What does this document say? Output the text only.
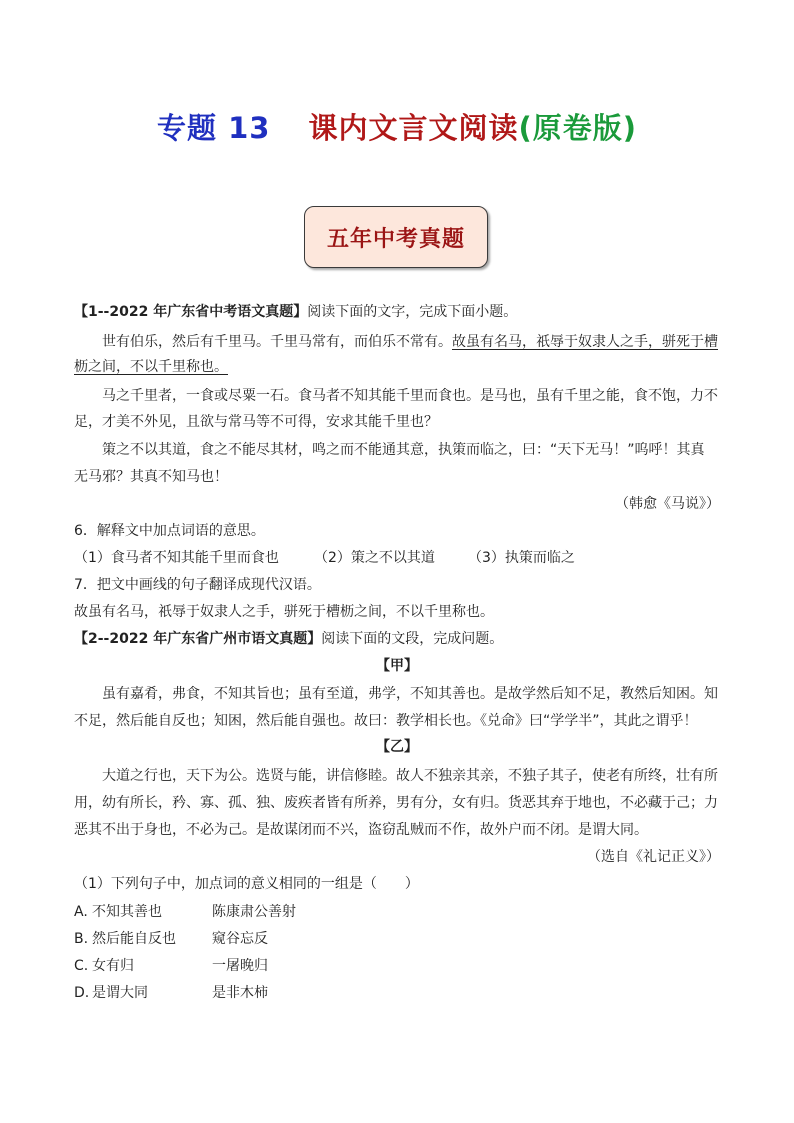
专题 13 课内文言文阅读(原卷版)
五年中考真题
【1--2022 年广东省中考语文真题】阅读下面的文字，完成下面小题。
世有伯乐，然后有千里马。千里马常有，而伯乐不常有。故虽有名马，祇辱于奴隶人之手，骈死于槽
枥之间，不以千里称也。
马之千里者，一食或尽粟一石。食马者不知其能千里而食也。是马也，虽有千里之能，食不饱，力不
足，才美不外见，且欲与常马等不可得，安求其能千里也？
策之不以其道，食之不能尽其材，鸣之而不能通其意，执策而临之，曰：“天下无马！”呜呼！其真
无马邪？其真不知马也！
（韩愈《马说》）
6．解释文中加点词语的意思。
（1）食马者不知其能千里而食也	（2）策之不以其道 （3）执策而临之
7．把文中画线的句子翻译成现代汉语。
故虽有名马，祇辱于奴隶人之手，骈死于槽枥之间，不以千里称也。
【2--2022 年广东省广州市语文真题】阅读下面的文段，完成问题。
【甲】
虽有嘉肴，弗食，不知其旨也；虽有至道，弗学，不知其善也。是故学然后知不足，教然后知困。知
不足，然后能自反也；知困，然后能自强也。故曰：教学相长也。《兑命》曰“学学半”，其此之谓乎！
【乙】
大道之行也，天下为公。选贤与能，讲信修睦。故人不独亲其亲，不独子其子，使老有所终，壮有所
用，幼有所长，矜、寡、孤、独、废疾者皆有所养，男有分，女有归。货恶其弃于地也，不必藏于己；力
恶其不出于身也，不必为己。是故谋闭而不兴，盗窃乱贼而不作，故外户而不闭。是谓大同。
（选自《礼记正义》）
（1）下列句子中，加点词的意义相同的一组是（　　）
A. 不知其善也	陈康肃公善射
B. 然后能自反也	窥谷忘反
C. 女有归	一屠晚归
D. 是谓大同	是非木柿
